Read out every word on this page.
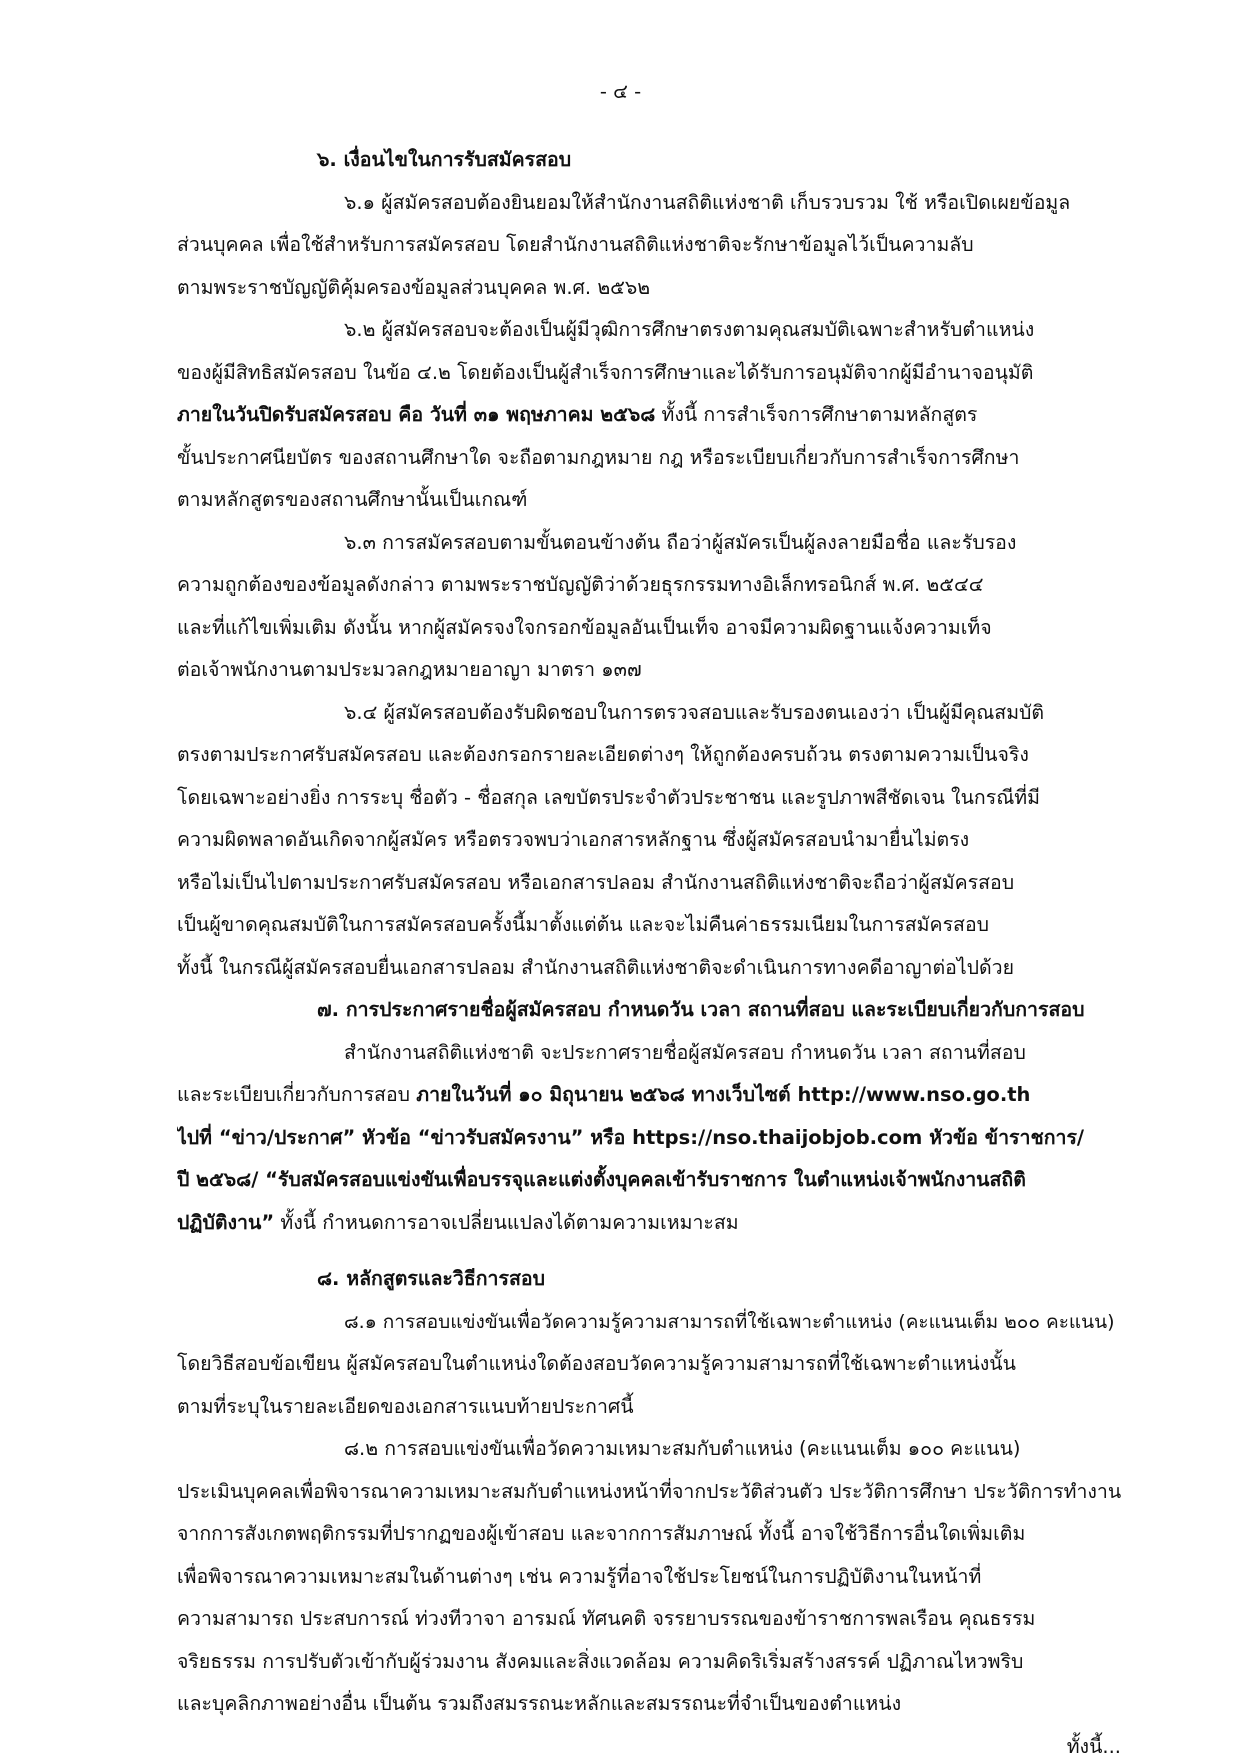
- ๔ -
๖. เงื่อนไขในการรับสมัครสอบ
๖.๑ ผู้สมัครสอบต้องยินยอมให้สำนักงานสถิติแห่งชาติ เก็บรวบรวม ใช้ หรือเปิดเผยข้อมูล
ส่วนบุคคล เพื่อใช้สำหรับการสมัครสอบ โดยสำนักงานสถิติแห่งชาติจะรักษาข้อมูลไว้เป็นความลับ
ตามพระราชบัญญัติคุ้มครองข้อมูลส่วนบุคคล พ.ศ. ๒๕๖๒
๖.๒ ผู้สมัครสอบจะต้องเป็นผู้มีวุฒิการศึกษาตรงตามคุณสมบัติเฉพาะสำหรับตำแหน่ง
ของผู้มีสิทธิสมัครสอบ ในข้อ ๔.๒ โดยต้องเป็นผู้สำเร็จการศึกษาและได้รับการอนุมัติจากผู้มีอำนาจอนุมัติ
ภายในวันปิดรับสมัครสอบ คือ วันที่ ๓๑ พฤษภาคม ๒๕๖๘ ทั้งนี้ การสำเร็จการศึกษาตามหลักสูตร
ขั้นประกาศนียบัตร ของสถานศึกษาใด จะถือตามกฎหมาย กฎ หรือระเบียบเกี่ยวกับการสำเร็จการศึกษา
ตามหลักสูตรของสถานศึกษานั้นเป็นเกณฑ์
๖.๓ การสมัครสอบตามขั้นตอนข้างต้น ถือว่าผู้สมัครเป็นผู้ลงลายมือชื่อ และรับรอง
ความถูกต้องของข้อมูลดังกล่าว ตามพระราชบัญญัติว่าด้วยธุรกรรมทางอิเล็กทรอนิกส์ พ.ศ. ๒๕๔๔
และที่แก้ไขเพิ่มเติม ดังนั้น หากผู้สมัครจงใจกรอกข้อมูลอันเป็นเท็จ อาจมีความผิดฐานแจ้งความเท็จ
ต่อเจ้าพนักงานตามประมวลกฎหมายอาญา มาตรา ๑๓๗
๖.๔ ผู้สมัครสอบต้องรับผิดชอบในการตรวจสอบและรับรองตนเองว่า เป็นผู้มีคุณสมบัติ
ตรงตามประกาศรับสมัครสอบ และต้องกรอกรายละเอียดต่างๆ ให้ถูกต้องครบถ้วน ตรงตามความเป็นจริง
โดยเฉพาะอย่างยิ่ง การระบุ ชื่อตัว - ชื่อสกุล เลขบัตรประจำตัวประชาชน และรูปภาพสีชัดเจน ในกรณีที่มี
ความผิดพลาดอันเกิดจากผู้สมัคร หรือตรวจพบว่าเอกสารหลักฐาน ซึ่งผู้สมัครสอบนำมายื่นไม่ตรง
หรือไม่เป็นไปตามประกาศรับสมัครสอบ หรือเอกสารปลอม สำนักงานสถิติแห่งชาติจะถือว่าผู้สมัครสอบ
เป็นผู้ขาดคุณสมบัติในการสมัครสอบครั้งนี้มาตั้งแต่ต้น และจะไม่คืนค่าธรรมเนียมในการสมัครสอบ
ทั้งนี้ ในกรณีผู้สมัครสอบยื่นเอกสารปลอม สำนักงานสถิติแห่งชาติจะดำเนินการทางคดีอาญาต่อไปด้วย
๗. การประกาศรายชื่อผู้สมัครสอบ กำหนดวัน เวลา สถานที่สอบ และระเบียบเกี่ยวกับการสอบ
สำนักงานสถิติแห่งชาติ จะประกาศรายชื่อผู้สมัครสอบ กำหนดวัน เวลา สถานที่สอบ
และระเบียบเกี่ยวกับการสอบ ภายในวันที่ ๑๐ มิถุนายน ๒๕๖๘ ทางเว็บไซต์ http://www.nso.go.th
ไปที่ “ข่าว/ประกาศ” หัวข้อ “ข่าวรับสมัครงาน” หรือ https://nso.thaijobjob.com หัวข้อ ข้าราชการ/
ปี ๒๕๖๘/ “รับสมัครสอบแข่งขันเพื่อบรรจุและแต่งตั้งบุคคลเข้ารับราชการ ในตำแหน่งเจ้าพนักงานสถิติ
ปฏิบัติงาน” ทั้งนี้ กำหนดการอาจเปลี่ยนแปลงได้ตามความเหมาะสม
๘. หลักสูตรและวิธีการสอบ
๘.๑ การสอบแข่งขันเพื่อวัดความรู้ความสามารถที่ใช้เฉพาะตำแหน่ง (คะแนนเต็ม ๒๐๐ คะแนน)
โดยวิธีสอบข้อเขียน ผู้สมัครสอบในตำแหน่งใดต้องสอบวัดความรู้ความสามารถที่ใช้เฉพาะตำแหน่งนั้น
ตามที่ระบุในรายละเอียดของเอกสารแนบท้ายประกาศนี้
๘.๒ การสอบแข่งขันเพื่อวัดความเหมาะสมกับตำแหน่ง (คะแนนเต็ม ๑๐๐ คะแนน)
ประเมินบุคคลเพื่อพิจารณาความเหมาะสมกับตำแหน่งหน้าที่จากประวัติส่วนตัว ประวัติการศึกษา ประวัติการทำงาน
จากการสังเกตพฤติกรรมที่ปรากฏของผู้เข้าสอบ และจากการสัมภาษณ์ ทั้งนี้ อาจใช้วิธีการอื่นใดเพิ่มเติม
เพื่อพิจารณาความเหมาะสมในด้านต่างๆ เช่น ความรู้ที่อาจใช้ประโยชน์ในการปฏิบัติงานในหน้าที่
ความสามารถ ประสบการณ์ ท่วงทีวาจา อารมณ์ ทัศนคติ จรรยาบรรณของข้าราชการพลเรือน คุณธรรม
จริยธรรม การปรับตัวเข้ากับผู้ร่วมงาน สังคมและสิ่งแวดล้อม ความคิดริเริ่มสร้างสรรค์ ปฏิภาณไหวพริบ
และบุคลิกภาพอย่างอื่น เป็นต้น รวมถึงสมรรถนะหลักและสมรรถนะที่จำเป็นของตำแหน่ง
ทั้งนี้...
